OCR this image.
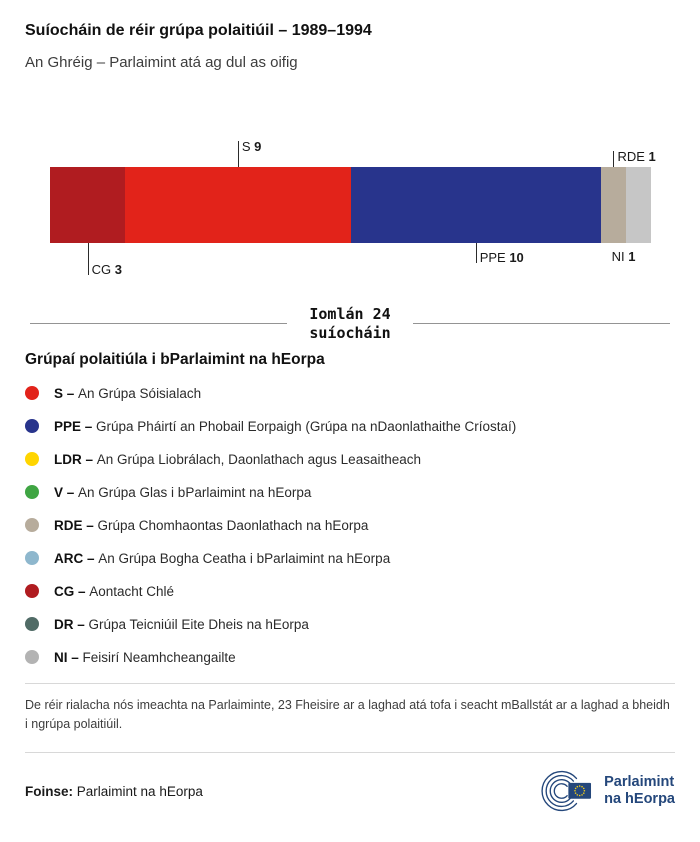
Suíocháin de réir grúpa polaitiúil – 1989–1994
An Ghréig – Parlaimint atá ag dul as oifig
CG 3
S 9
PPE 10
RDE 1
NI 1
Iomlán 24
suíocháin
Grúpaí polaitiúla i bParlaimint na hEorpa
S – An Grúpa Sóisialach
PPE – Grúpa Pháirtí an Phobail Eorpaigh (Grúpa na nDaonlathaithe Críostaí)
LDR – An Grúpa Liobrálach, Daonlathach agus Leasaitheach
V – An Grúpa Glas i bParlaimint na hEorpa
RDE – Grúpa Chomhaontas Daonlathach na hEorpa
ARC – An Grúpa Bogha Ceatha i bParlaimint na hEorpa
CG – Aontacht Chlé
DR – Grúpa Teicniúil Eite Dheis na hEorpa
NI – Feisirí Neamhcheangailte

De réir rialacha nós imeachta na Parlaiminte, 23 Fheisire ar a laghad atá tofa i seacht mBallstát ar a laghad a bheidh i ngrúpa polaitiúil.

Foinse: Parlaimint na hEorpa
Parlaimint
na hEorpa
